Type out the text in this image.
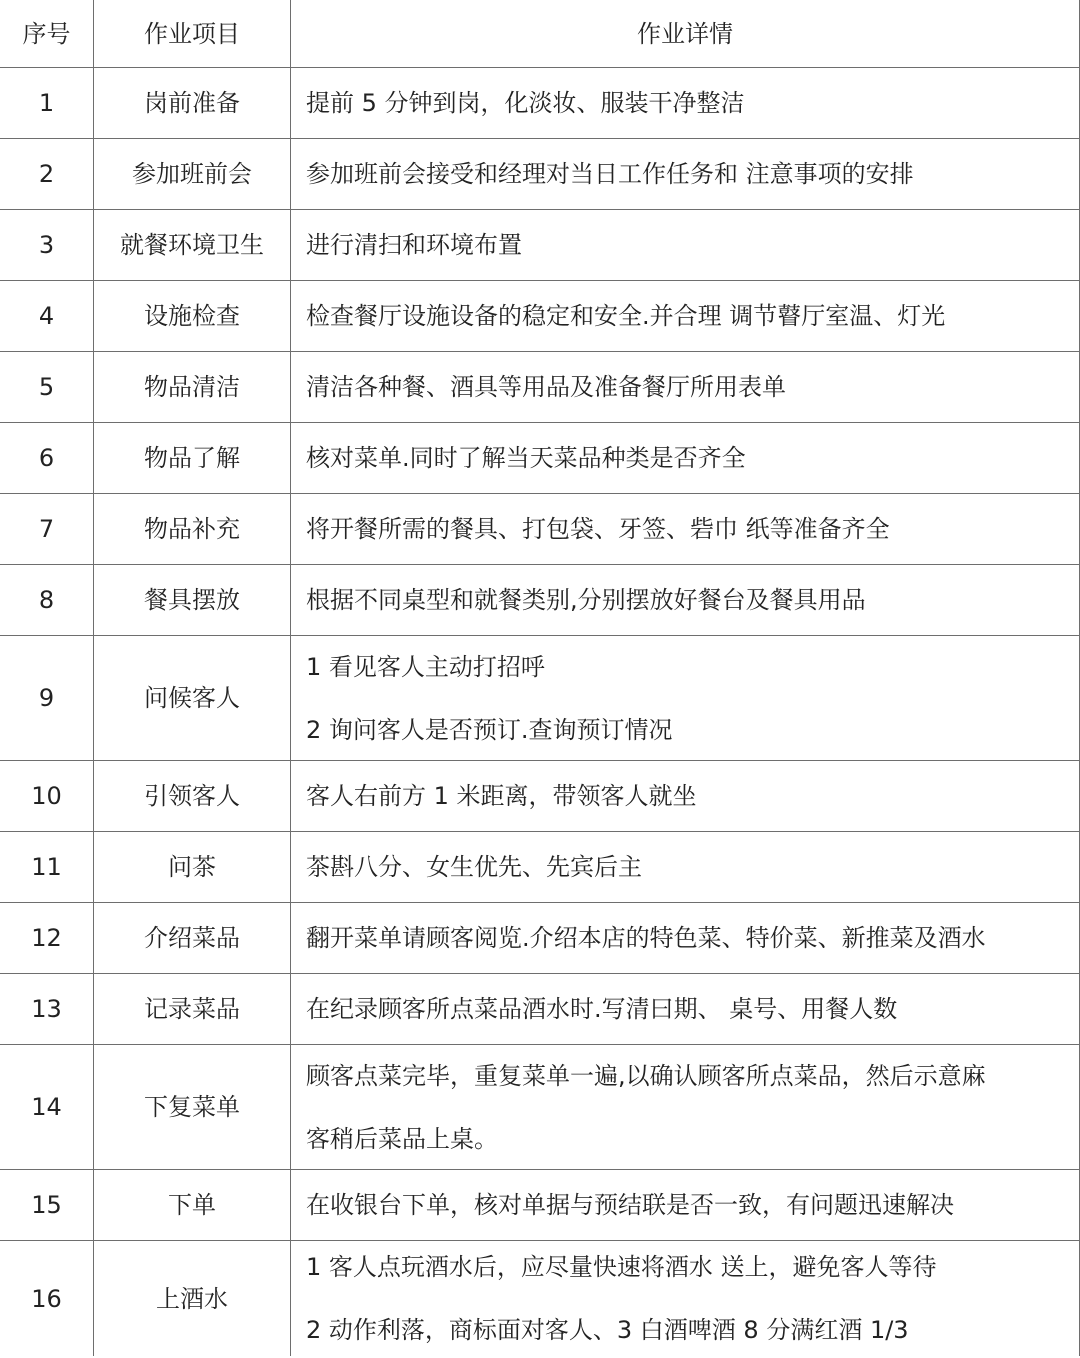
序号	作业项目	作业详情
1	岗前准备	提前 5 分钟到岗，化淡妆、服装干净整洁

2	参加班前会	参加班前会接受和经理对当日工作任务和 注意事项的安排

3	就餐环境卫生	进行清扫和环境布置

4	设施检查	检查餐厅设施设备的稳定和安全.并合理 调节瞽厅室温、灯光

5	物品清洁	清洁各种餐、酒具等用品及准备餐厅所用表单

6	物品了解	核对菜单.同时了解当天菜品种类是否齐全

7	物品补充	将开餐所需的餐具、打包袋、牙签、砦巾 纸等准备齐全

8	餐具摆放	根据不同桌型和就餐类别,分别摆放好餐台及餐具用品

9	问候客人	1 看见客人主动打招呼
2 询问客人是否预订.查询预订情况

10	引领客人	客人右前方 1 米距离，带领客人就坐

11	问茶	茶斟八分、女生优先、先宾后主

12	介绍菜品	翻开菜单请顾客阅览.介绍本店的特色菜、特价菜、新推菜及酒水

13	记录菜品	在纪录顾客所点菜品酒水时.写清曰期、 桌号、用餐人数

14	下复菜单	顾客点菜完毕，重复菜单一遍,以确认顾客所点菜品，然后示意麻
客稍后菜品上桌。

15	下单	在收银台下单，核对单据与预结联是否一致，有问题迅速解决

16	上酒水	1 客人点玩酒水后，应尽量快速将酒水 送上，避免客人等待
2 动作利落，商标面对客人、3 白酒啤酒 8 分满红酒 1/3
